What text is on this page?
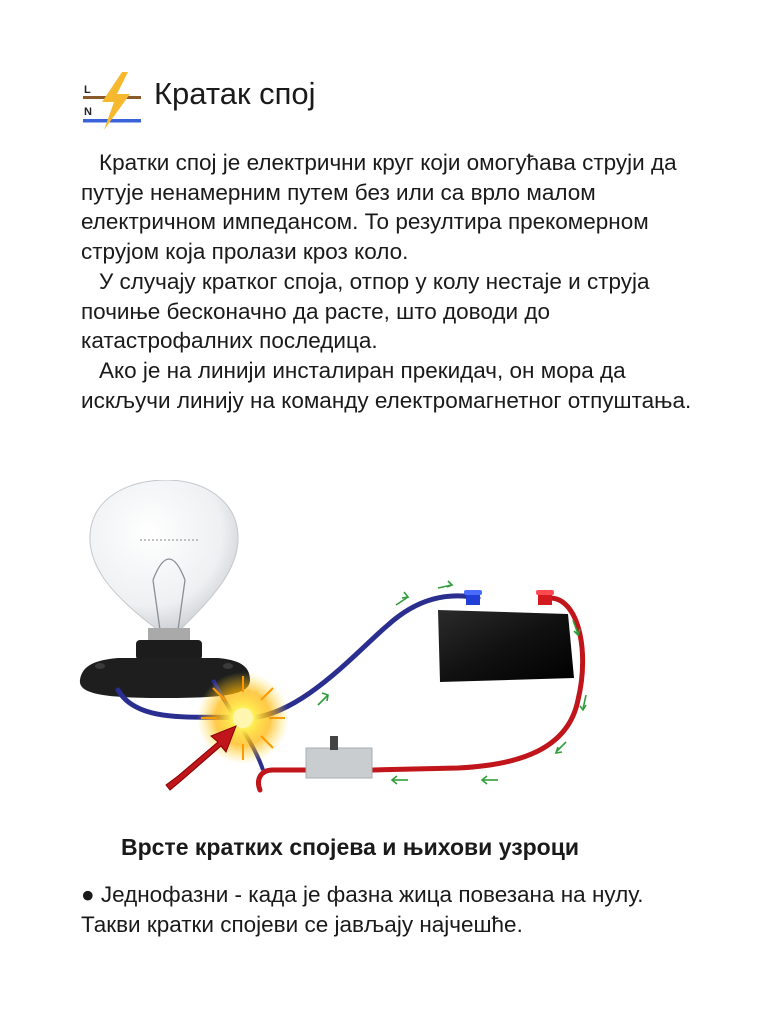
L
N
Кратак спој

Кратки спој је електрични круг који омогућава струји да путује ненамерним путем без или са врло малом електричном импедансом. То резултира прекомерном струјом која пролази кроз коло.

У случају кратког споја, отпор у колу нестаје и струја почиње бесконачно да расте, што доводи до катастрофалних последица.

Ако је на линији инсталиран прекидач, он мора да искључи линију на команду електромагнетног отпуштања.

Врсте кратких спојева и њихови узроци
● Једнофазни - када је фазна жица повезана на нулу. Такви кратки спојеви се јављају најчешће.
